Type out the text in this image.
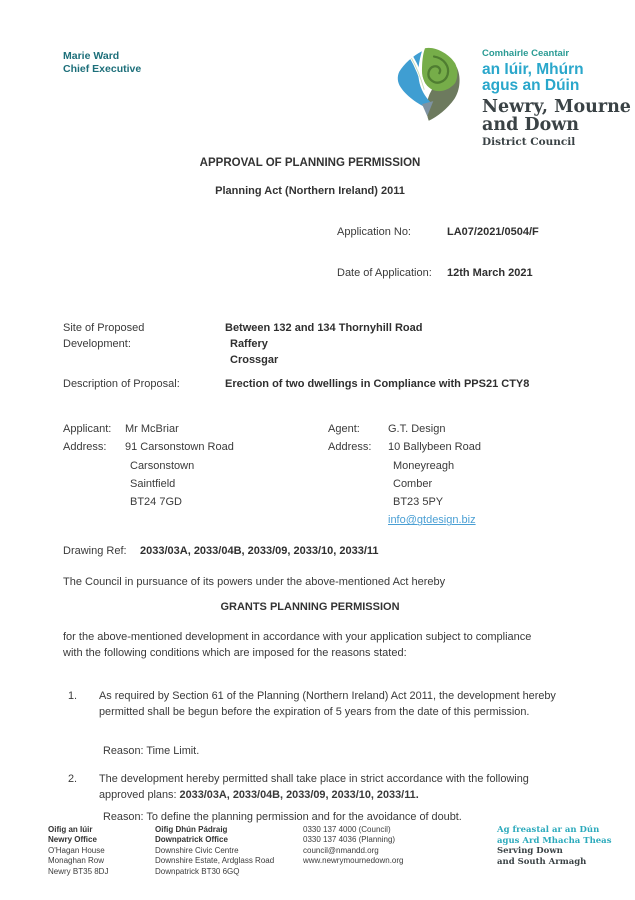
Marie Ward
Chief Executive
Comhairle Ceantair
an Iúir, Mhúrn
agus an Dúin
Newry, Mourne
and Down
District Council
APPROVAL OF PLANNING PERMISSION
Planning Act (Northern Ireland) 2011
Application No:	LA07/2021/0504/F
Date of Application: 12th March 2021
Site of Proposed
Development:
Between 132 and 134 Thornyhill Road
Raffery
Crossgar
Description of Proposal:	Erection of two dwellings in Compliance with PPS21 CTY8
Applicant:
Address:
Mr McBriar
91 Carsonstown Road
Carsonstown
Saintfield
BT24 7GD
Agent:
Address:
G.T. Design
10 Ballybeen Road
Moneyreagh
Comber
BT23 5PY
info@gtdesign.biz
Drawing Ref: 2033/03A, 2033/04B, 2033/09, 2033/10, 2033/11
The Council in pursuance of its powers under the above-mentioned Act hereby
GRANTS PLANNING PERMISSION
for the above-mentioned development in accordance with your application subject to compliance with the following conditions which are imposed for the reasons stated:
1. As required by Section 61 of the Planning (Northern Ireland) Act 2011, the development hereby permitted shall be begun before the expiration of 5 years from the date of this permission.
Reason: Time Limit.
2. The development hereby permitted shall take place in strict accordance with the following approved plans: 2033/03A, 2033/04B, 2033/09, 2033/10, 2033/11.
Reason: To define the planning permission and for the avoidance of doubt.
Oifig an Iúir
Newry Office
O'Hagan House
Monaghan Row
Newry BT35 8DJ
Oifig Dhún Pádraig
Downpatrick Office
Downshire Civic Centre
Downshire Estate, Ardglass Road
Downpatrick BT30 6GQ
0330 137 4000 (Council)
0330 137 4036 (Planning)
council@nmandd.org
www.newrymournedown.org
Ag freastal ar an Dún
agus Ard Mhacha Theas
Serving Down
and South Armagh
